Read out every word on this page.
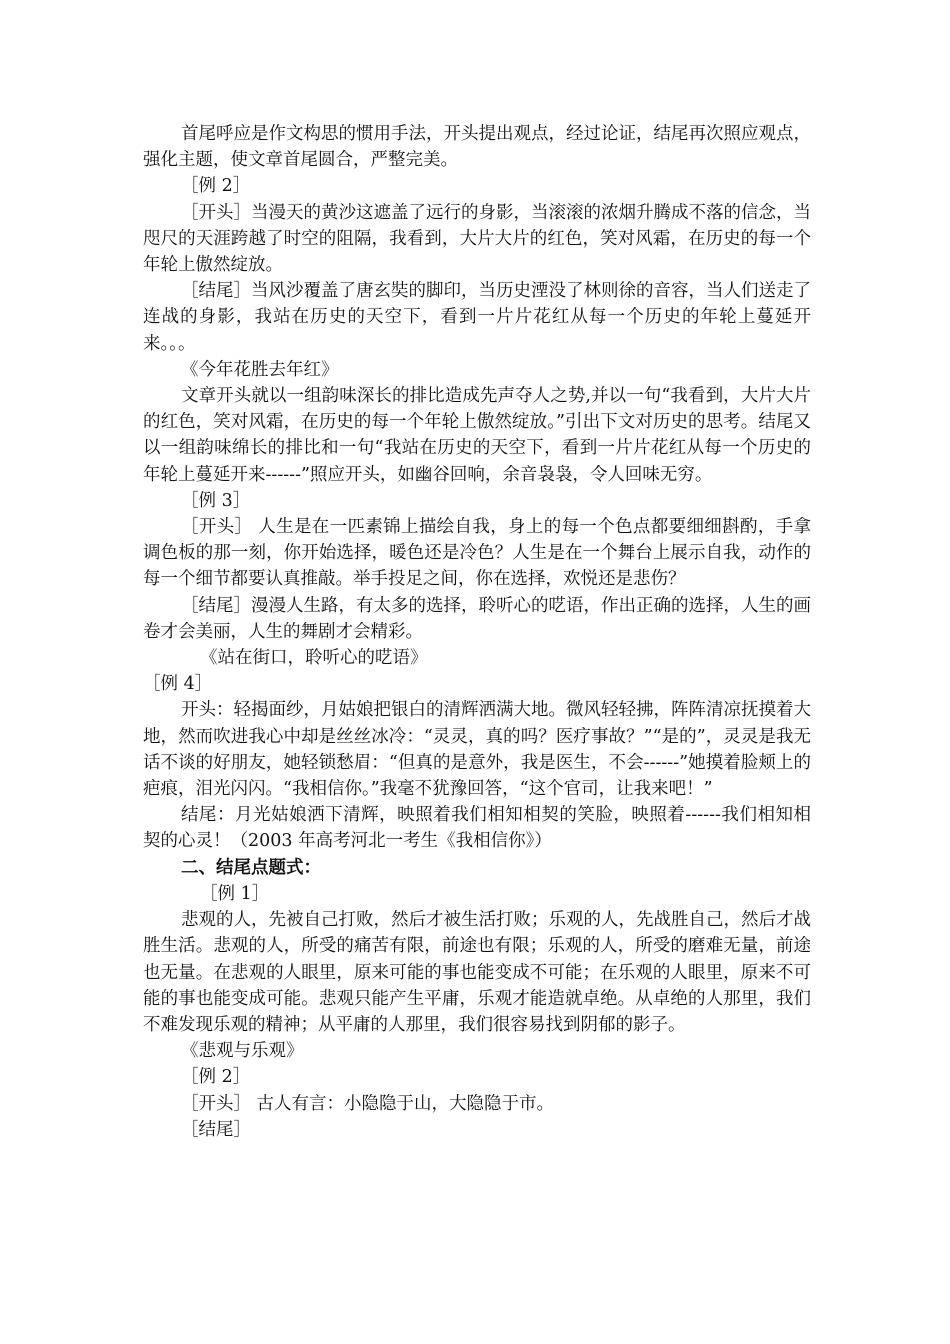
首尾呼应是作文构思的惯用手法，开头提出观点，经过论证，结尾再次照应观点，强化主题，使文章首尾圆合，严整完美。

［例 2］

［开头］当漫天的黄沙这遮盖了远行的身影，当滚滚的浓烟升腾成不落的信念，当咫尺的天涯跨越了时空的阻隔，我看到，大片大片的红色，笑对风霜，在历史的每一个年轮上傲然绽放。

［结尾］当风沙覆盖了唐玄奘的脚印，当历史湮没了林则徐的音容，当人们送走了连战的身影，我站在历史的天空下，看到一片片花红从每一个历史的年轮上蔓延开来。。。

《今年花胜去年红》

文章开头就以一组韵味深长的排比造成先声夺人之势,并以一句“我看到，大片大片的红色，笑对风霜，在历史的每一个年轮上傲然绽放。”引出下文对历史的思考。结尾又以一组韵味绵长的排比和一句“我站在历史的天空下，看到一片片花红从每一个历史的年轮上蔓延开来------”照应开头，如幽谷回响，余音袅袅，令人回味无穷。

［例 3］

［开头］ 人生是在一匹素锦上描绘自我，身上的每一个色点都要细细斟酌，手拿调色板的那一刻，你开始选择，暖色还是冷色？人生是在一个舞台上展示自我，动作的每一个细节都要认真推敲。举手投足之间，你在选择，欢悦还是悲伤？

［结尾］漫漫人生路，有太多的选择，聆听心的呓语，作出正确的选择，人生的画卷才会美丽，人生的舞剧才会精彩。

《站在街口，聆听心的呓语》

［例 4］

开头：轻揭面纱，月姑娘把银白的清辉洒满大地。微风轻轻拂，阵阵清凉抚摸着大地，然而吹进我心中却是丝丝冰冷：“灵灵，真的吗？医疗事故？”“是的”，灵灵是我无话不谈的好朋友，她轻锁愁眉：“但真的是意外，我是医生，不会------”她摸着脸颊上的疤痕，泪光闪闪。“我相信你。”我毫不犹豫回答，“这个官司，让我来吧！”

结尾：月光姑娘洒下清辉，映照着我们相知相契的笑脸，映照着------我们相知相契的心灵！（2003 年高考河北一考生《我相信你》）

二、结尾点题式：

［例 1］

悲观的人，先被自己打败，然后才被生活打败；乐观的人，先战胜自己，然后才战胜生活。悲观的人，所受的痛苦有限，前途也有限；乐观的人，所受的磨难无量，前途也无量。在悲观的人眼里，原来可能的事也能变成不可能；在乐观的人眼里，原来不可能的事也能变成可能。悲观只能产生平庸，乐观才能造就卓绝。从卓绝的人那里，我们不难发现乐观的精神；从平庸的人那里，我们很容易找到阴郁的影子。

《悲观与乐观》

［例 2］

［开头］ 古人有言：小隐隐于山，大隐隐于市。

［结尾］
